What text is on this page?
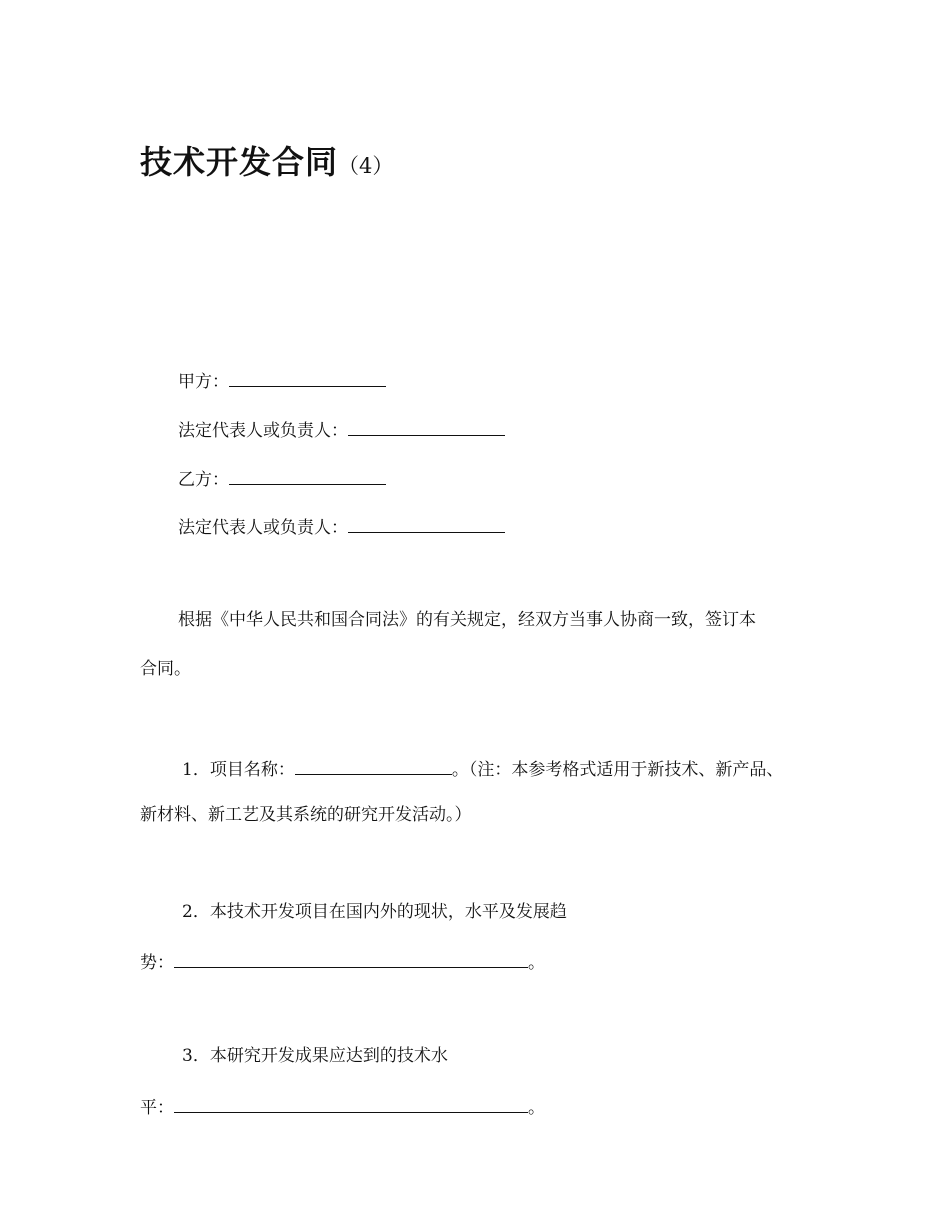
技术开发合同（4）
甲方：
法定代表人或负责人：
乙方：
法定代表人或负责人：
根据《中华人民共和国合同法》的有关规定，经双方当事人协商一致，签订本
合同。
1．项目名称：	。（注：本参考格式适用于新技术、新产品、
新材料、新工艺及其系统的研究开发活动。）
2．本技术开发项目在国内外的现状，水平及发展趋
势：	。
3．本研究开发成果应达到的技术水
平：	。
